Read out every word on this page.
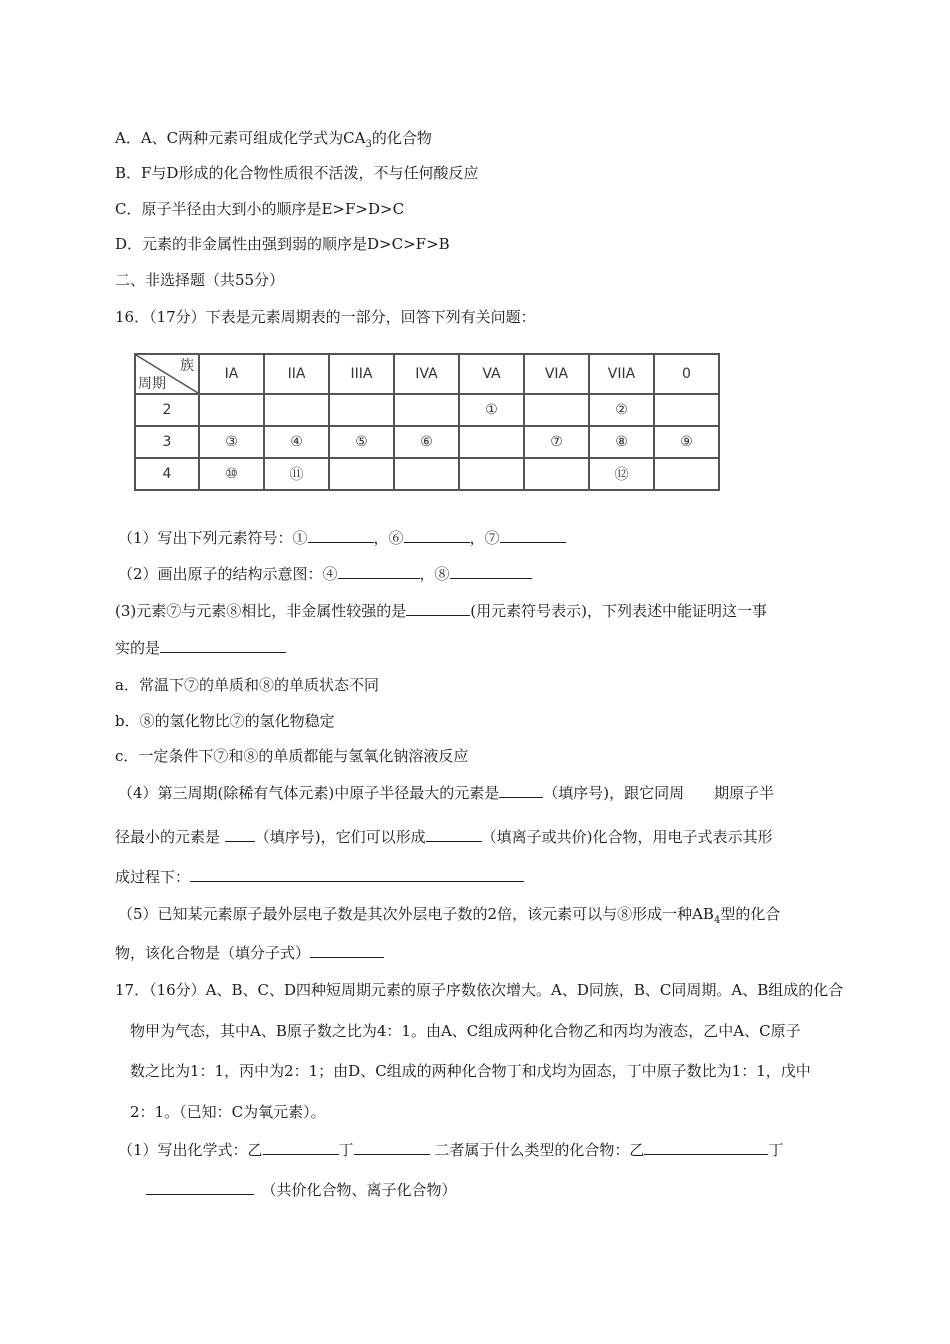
A．A、C两种元素可组成化学式为$CA_3$的化合物
B．F与D形成的化合物性质很不活泼，不与任何酸反应
C．原子半径由大到小的顺序是E>F>D>C
D．元素的非金属性由强到弱的顺序是D>C>F>B
二、非选择题（共55分）
16．（17分）下表是元素周期表的一部分，回答下列有关问题：
族
周期	IA	IIA	IIIA	IVA	VA	VIA	VIIA	0
2					①		②	
3	③	④	⑤	⑥		⑦	⑧	⑨
4	⑩	⑪					⑫	
（1）写出下列元素符号：①	，⑥	，⑦
（2）画出原子的结构示意图：④	，⑧
(3)元素⑦与元素⑧相比，非金属性较强的是	(用元素符号表示)，下列表述中能证明这一事
实的是
a．常温下⑦的单质和⑧的单质状态不同
b．⑧的氢化物比⑦的氢化物稳定
c．一定条件下⑦和⑧的单质都能与氢氧化钠溶液反应
（4）第三周期(除稀有气体元素)中原子半径最大的元素是	（填序号)，跟它同周　　期原子半
径最小的元素是 （填序号)，它们可以形成	（填离子或共价)化合物，用电子式表示其形
成过程下：
（5）已知某元素原子最外层电子数是其次外层电子数的2倍，该元素可以与⑧形成一种$AB_4$型的化合
物，该化合物是（填分子式）
17．（16分）A、B、C、D四种短周期元素的原子序数依次增大。A、D同族，B、C同周期。A、B组成的化合
物甲为气态，其中A、B原子数之比为4：1。由A、C组成两种化合物乙和丙均为液态，乙中A、C原子
数之比为1：1，丙中为2：1；由D、C组成的两种化合物丁和戊均为固态，丁中原子数比为1：1，戊中
2：1。（已知：C为氧元素）。
（1）写出化学式：乙	丁	二者属于什么类型的化合物：乙	丁
　（共价化合物、离子化合物）
